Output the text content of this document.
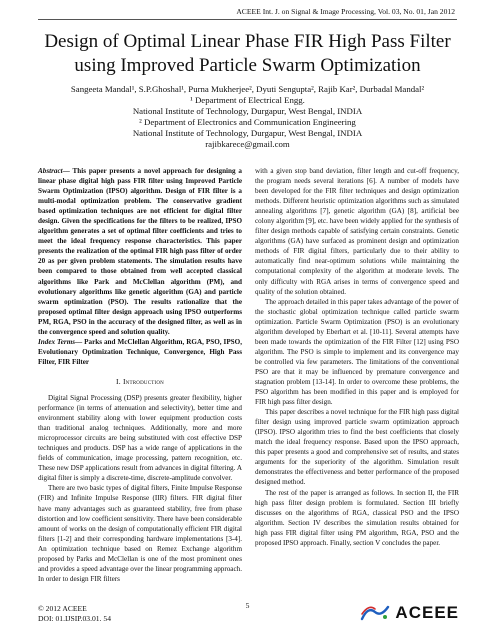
ACEEE Int. J. on Signal & Image Processing, Vol. 03, No. 01, Jan 2012
Design of Optimal Linear Phase FIR High Pass Filter
using Improved Particle Swarm Optimization
Sangeeta Mandal¹, S.P.Ghoshal¹, Purna Mukherjee², Dyuti Sengupta², Rajib Kar², Durbadal Mandal²
¹ Department of Electrical Engg.
National Institute of Technology, Durgapur, West Bengal, INDIA
² Department of Electronics and Communication Engineering
National Institute of Technology, Durgapur, West Bengal, INDIA
rajibkarece@gmail.com

Abstract— This paper presents a novel approach for designing a linear phase digital high pass FIR filter using Improved Particle Swarm Optimization (IPSO) algorithm. Design of FIR filter is a multi-modal optimization problem. The conservative gradient based optimization techniques are not efficient for digital filter design. Given the specifications for the filters to be realized, IPSO algorithm generates a set of optimal filter coefficients and tries to meet the ideal frequency response characteristics. This paper presents the realization of the optimal FIR high pass filter of order 20 as per given problem statements. The simulation results have been compared to those obtained from well accepted classical algorithms like Park and McClellan algorithm (PM), and evolutionary algorithms like genetic algorithm (GA) and particle swarm optimization (PSO). The results rationalize that the proposed optimal filter design approach using IPSO outperforms PM, RGA, PSO in the accuracy of the designed filter, as well as in the convergence speed and solution quality.

Index Terms— Parks and McClellan Algorithm, RGA, PSO, IPSO, Evolutionary Optimization Technique, Convergence, High Pass Filter, FIR Filter

I. Introduction

Digital Signal Processing (DSP) presents greater flexibility, higher performance (in terms of attenuation and selectivity), better time and environment stability along with lower equipment production costs than traditional analog techniques. Additionally, more and more microprocessor circuits are being substituted with cost effective DSP techniques and products. DSP has a wide range of applications in the fields of communication, image processing, pattern recognition, etc. These new DSP applications result from advances in digital filtering. A digital filter is simply a discrete-time, discrete-amplitude convolver.

There are two basic types of digital filters, Finite Impulse Response (FIR) and Infinite Impulse Response (IIR) filters. FIR digital filter have many advantages such as guaranteed stability, free from phase distortion and low coefficient sensitivity. There have been considerable amount of works on the design of computationally efficient FIR digital filters [1-2] and their corresponding hardware implementations [3-4]. An optimization technique based on Remez Exchange algorithm proposed by Parks and McClellan is one of the most prominent ones and provides a speed advantage over the linear programming approach. In order to design FIR filters

with a given stop band deviation, filter length and cut-off frequency, the program needs several iterations [6]. A number of models have been developed for the FIR filter techniques and design optimization methods. Different heuristic optimization algorithms such as simulated annealing algorithms [7], genetic algorithm (GA) [8], artificial bee colony algorithm [9], etc. have been widely applied for the synthesis of filter design methods capable of satisfying certain constraints. Genetic algorithms (GA) have surfaced as prominent design and optimization methods of FIR digital filters, particularly due to their ability to automatically find near-optimum solutions while maintaining the computational complexity of the algorithm at moderate levels. The only difficulty with RGA arises in terms of convergence speed and quality of the solution obtained.

The approach detailed in this paper takes advantage of the power of the stochastic global optimization technique called particle swarm optimization. Particle Swarm Optimization (PSO) is an evolutionary algorithm developed by Eberhart et al. [10-11]. Several attempts have been made towards the optimization of the FIR Filter [12] using PSO algorithm. The PSO is simple to implement and its convergence may be controlled via few parameters. The limitations of the conventional PSO are that it may be influenced by premature convergence and stagnation problem [13-14]. In order to overcome these problems, the PSO algorithm has been modified in this paper and is employed for FIR high pass filter design.

This paper describes a novel technique for the FIR high pass digital filter design using improved particle swarm optimization approach (IPSO). IPSO algorithm tries to find the best coefficients that closely match the ideal frequency response. Based upon the IPSO approach, this paper presents a good and comprehensive set of results, and states arguments for the superiority of the algorithm. Simulation result demonstrates the effectiveness and better performance of the proposed designed method.

The rest of the paper is arranged as follows. In section II, the FIR high pass filter design problem is formulated. Section III briefly discusses on the algorithms of RGA, classical PSO and the IPSO algorithm. Section IV describes the simulation results obtained for high pass FIR digital filter using PM algorithm, RGA, PSO and the proposed IPSO approach. Finally, section V concludes the paper.

© 2012 ACEEE
DOI: 01.IJSIP.03.01. 54
5	ACEEE
